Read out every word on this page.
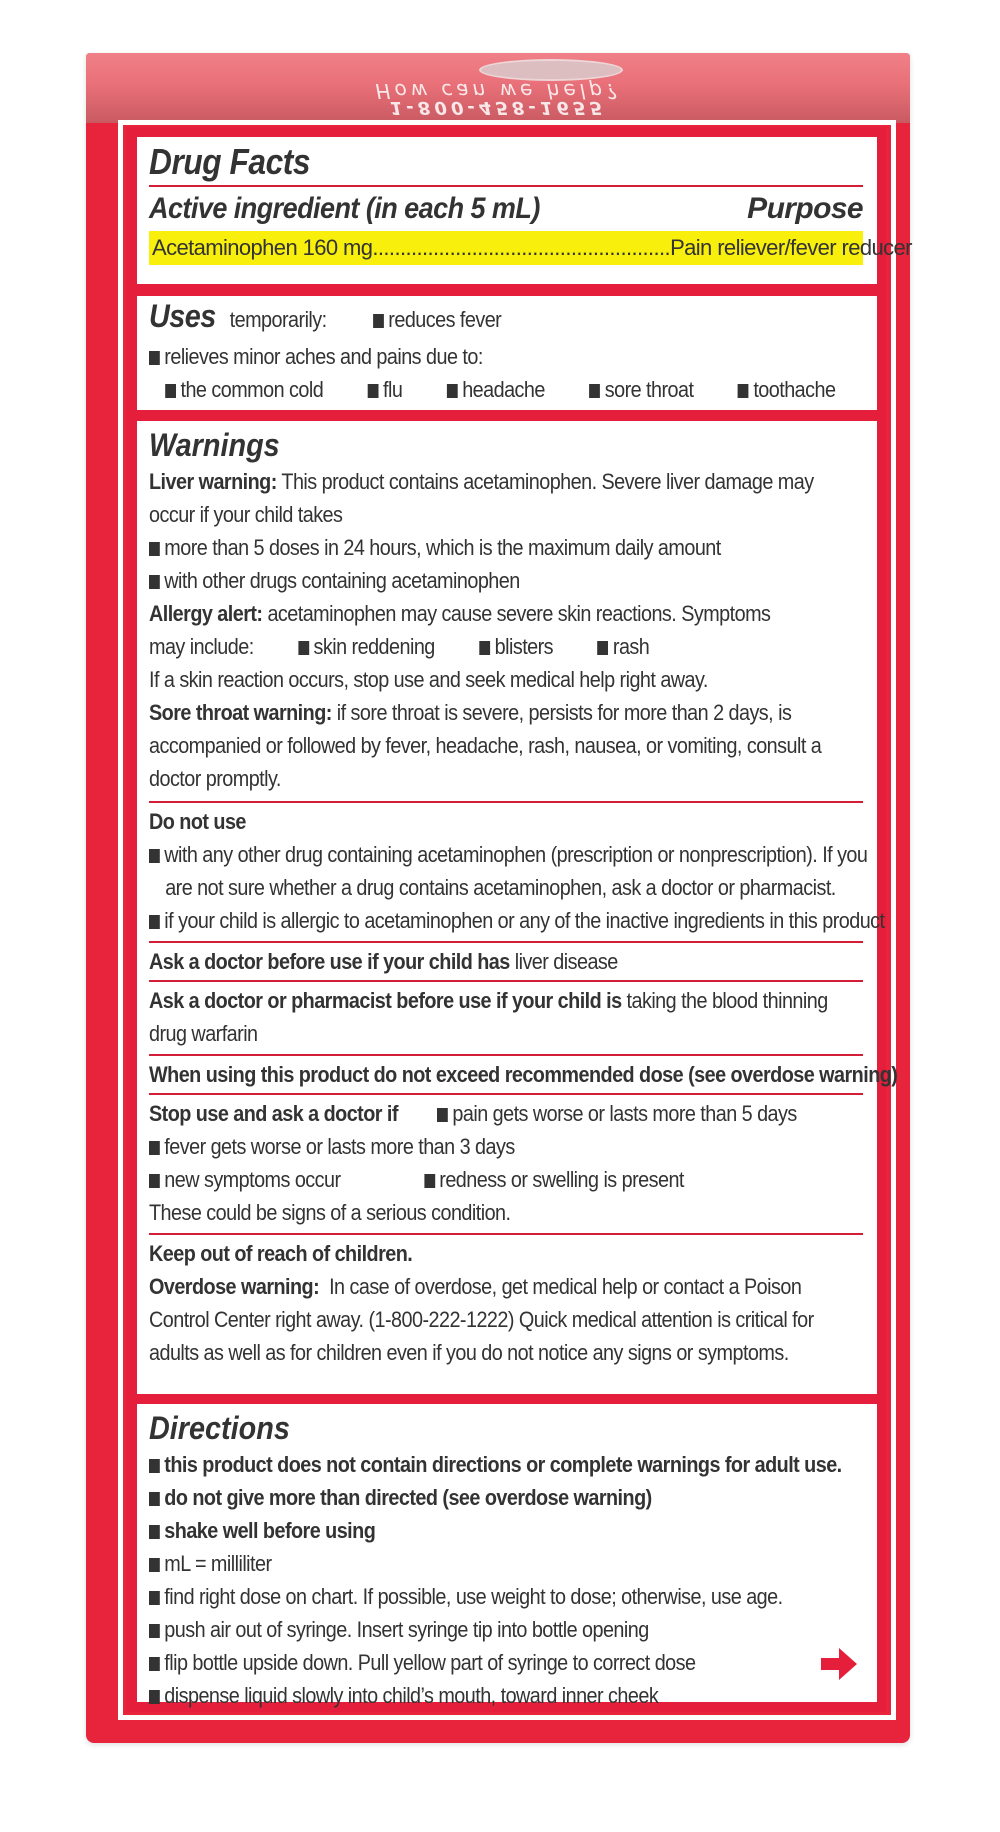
How can we help?
1-800-458-1655
Drug Facts
Active ingredient (in each 5 mL)	Purpose
Acetaminophen 160 mg...................................................... Pain reliever/fever reducer
Uses temporarily:	reduces fever
relieves minor aches and pains due to:
the common cold	flu	headache	sore throat	toothache
Warnings
Liver warning: This product contains acetaminophen. Severe liver damage may
occur if your child takes
more than 5 doses in 24 hours, which is the maximum daily amount
with other drugs containing acetaminophen
Allergy alert: acetaminophen may cause severe skin reactions. Symptoms
may include:	skin reddening	blisters	rash
If a skin reaction occurs, stop use and seek medical help right away.
Sore throat warning: if sore throat is severe, persists for more than 2 days, is
accompanied or followed by fever, headache, rash, nausea, or vomiting, consult a
doctor promptly.
Do not use
with any other drug containing acetaminophen (prescription or nonprescription). If you
are not sure whether a drug contains acetaminophen, ask a doctor or pharmacist.
if your child is allergic to acetaminophen or any of the inactive ingredients in this product
Ask a doctor before use if your child has liver disease
Ask a doctor or pharmacist before use if your child is taking the blood thinning
drug warfarin
When using this product do not exceed recommended dose (see overdose warning)
Stop use and ask a doctor if pain gets worse or lasts more than 5 days
fever gets worse or lasts more than 3 days
new symptoms occur	redness or swelling is present
These could be signs of a serious condition.
Keep out of reach of children.
Overdose warning: In case of overdose, get medical help or contact a Poison
Control Center right away. (1-800-222-1222) Quick medical attention is critical for
adults as well as for children even if you do not notice any signs or symptoms.
Directions
this product does not contain directions or complete warnings for adult use.
do not give more than directed (see overdose warning)
shake well before using
mL = milliliter
find right dose on chart. If possible, use weight to dose; otherwise, use age.
push air out of syringe. Insert syringe tip into bottle opening
flip bottle upside down. Pull yellow part of syringe to correct dose
dispense liquid slowly into child’s mouth, toward inner cheek
